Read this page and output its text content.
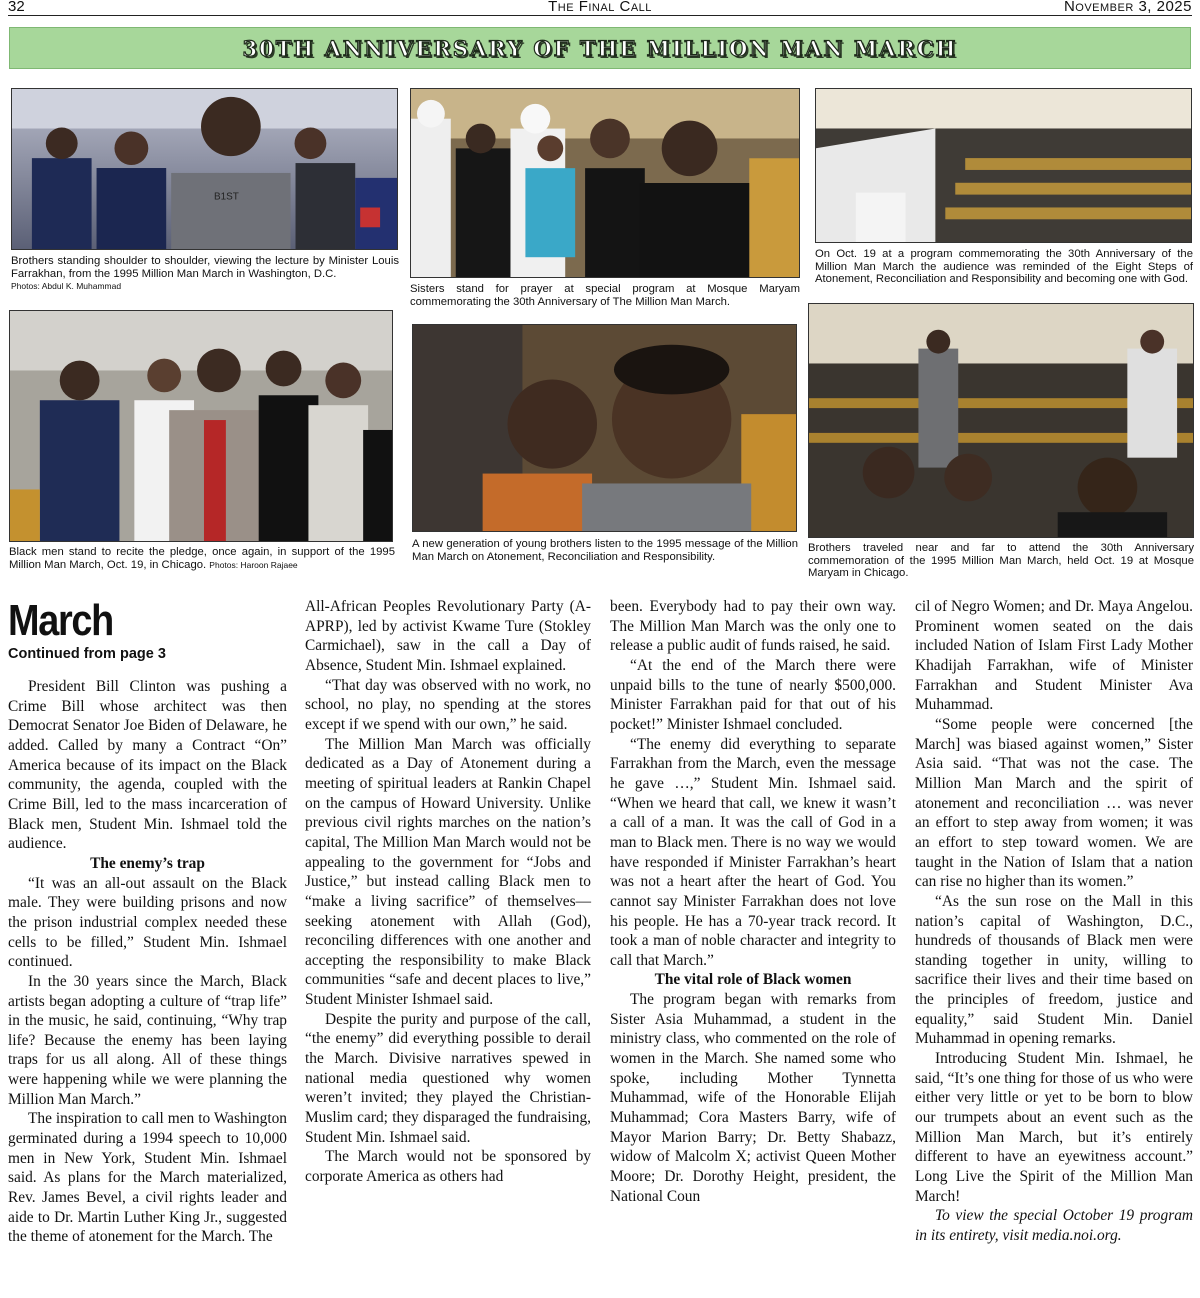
32	The Final Call	November 3, 2025
30TH ANNIVERSARY OF THE MILLION MAN MARCH
B1ST
Brothers standing shoulder to shoulder, viewing the lecture by Minister Louis Farrakhan, from the 1995 Million Man March in Washington, D.C.
Photos: Abdul K. Muhammad	Sisters stand for prayer at special program at Mosque Maryam commemorating the 30th Anniversary of The Million Man March.
On Oct. 19 at a program commemorating the 30th Anniversary of the Million Man March the audience was reminded of the Eight Steps of Atonement, Reconciliation and Responsibility and becoming one with God.
Black men stand to recite the pledge, once again, in support of the 1995 Million Man March, Oct. 19, in Chicago. Photos: Haroon Rajaee
A new generation of young brothers listen to the 1995 message of the Million Man March on Atonement, Reconciliation and Responsibility.
Brothers traveled near and far to attend the 30th Anniversary commemoration of the 1995 Million Man March, held Oct. 19 at Mosque Maryam in Chicago.
March
Continued from page 3

President Bill Clinton was pushing a Crime Bill whose architect was then Democrat Senator Joe Biden of Delaware, he added. Called by many a Contract “On” America because of its impact on the Black community, the agenda, coupled with the Crime Bill, led to the mass incarceration of Black men, Student Min. Ishmael told the audience.

The enemy’s trap

“It was an all-out assault on the Black male. They were building prisons and now the prison industrial complex needed these cells to be filled,” Student Min. Ishmael continued.

In the 30 years since the March, Black artists began adopting a culture of “trap life” in the music, he said, continuing, “Why trap life? Because the enemy has been laying traps for us all along. All of these things were happening while we were planning the Million Man March.”

The inspiration to call men to Washington germinated during a 1994 speech to 10,000 men in New York, Student Min. Ishmael said. As plans for the March materialized, Rev. James Bevel, a civil rights leader and aide to Dr. Martin Luther King Jr., suggested the theme of atonement for the March. The

All-African Peoples Revolutionary Party (A-APRP), led by activist Kwame Ture (Stokley Carmichael), saw in the call a Day of Absence, Student Min. Ishmael explained.

“That day was observed with no work, no school, no play, no spending at the stores except if we spend with our own,” he said.

The Million Man March was officially dedicated as a Day of Atonement during a meeting of spiritual leaders at Rankin Chapel on the campus of Howard University. Unlike previous civil rights marches on the nation’s capital, The Million Man March would not be appealing to the government for “Jobs and Justice,” but instead calling Black men to “make a living sacrifice” of themselves—seeking atonement with Allah (God), reconciling differences with one another and accepting the responsibility to make Black communities “safe and decent places to live,” Student Minister Ishmael said.

Despite the purity and purpose of the call, “the enemy” did everything possible to derail the March. Divisive narratives spewed in national media questioned why women weren’t invited; they played the Christian-Muslim card; they disparaged the fundraising, Student Min. Ishmael said.

The March would not be sponsored by corporate America as others had

been. Everybody had to pay their own way. The Million Man March was the only one to release a public audit of funds raised, he said.

“At the end of the March there were unpaid bills to the tune of nearly $500,000. Minister Farrakhan paid for that out of his pocket!” Minister Ishmael concluded.

“The enemy did everything to separate Farrakhan from the March, even the message he gave …,” Student Min. Ishmael said. “When we heard that call, we knew it wasn’t a call of a man. It was the call of God in a man to Black men. There is no way we would have responded if Minister Farrakhan’s heart was not a heart after the heart of God. You cannot say Minister Farrakhan does not love his people. He has a 70-year track record. It took a man of noble character and integrity to call that March.”

The vital role of Black women

The program began with remarks from Sister Asia Muhammad, a student in the ministry class, who commented on the role of women in the March. She named some who spoke, including Mother Tynnetta Muhammad, wife of the Honorable Elijah Muhammad; Cora Masters Barry, wife of Mayor Marion Barry; Dr. Betty Shabazz, widow of Malcolm X; activist Queen Mother Moore; Dr. Dorothy Height, president, the National Coun

cil of Negro Women; and Dr. Maya Angelou. Prominent women seated on the dais included Nation of Islam First Lady Mother Khadijah Farrakhan, wife of Minister Farrakhan and Student Minister Ava Muhammad.

“Some people were concerned [the March] was biased against women,” Sister Asia said. “That was not the case. The Million Man March and the spirit of atonement and reconciliation … was never an effort to step away from women; it was an effort to step toward women. We are taught in the Nation of Islam that a nation can rise no higher than its women.”

“As the sun rose on the Mall in this nation’s capital of Washington, D.C., hundreds of thousands of Black men were standing together in unity, willing to sacrifice their lives and their time based on the principles of freedom, justice and equality,” said Student Min. Daniel Muhammad in opening remarks.

Introducing Student Min. Ishmael, he said, “It’s one thing for those of us who were either very little or yet to be born to blow our trumpets about an event such as the Million Man March, but it’s entirely different to have an eyewitness account.” Long Live the Spirit of the Million Man March!

To view the special October 19 program in its entirety, visit media.noi.org.
